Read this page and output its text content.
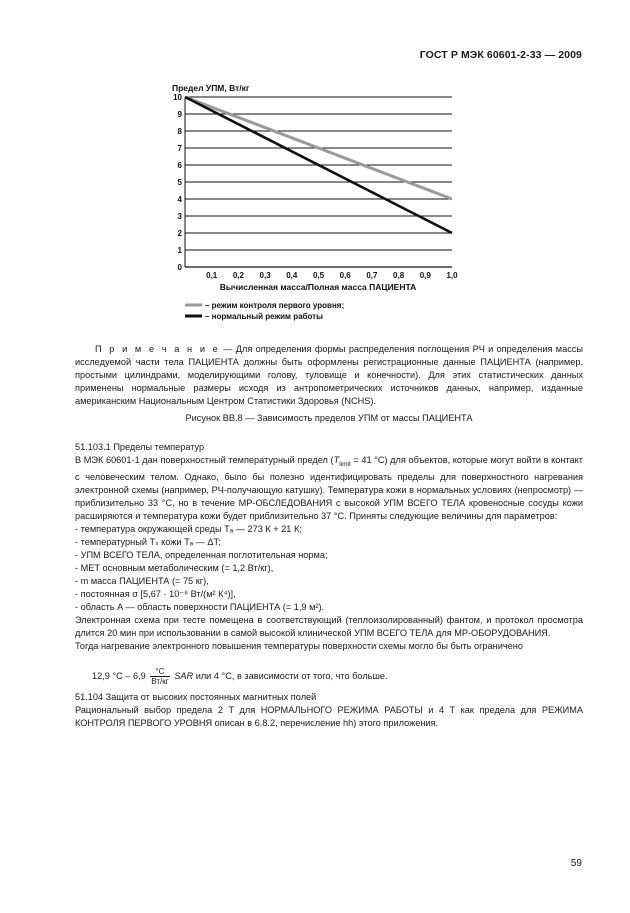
ГОСТ Р МЭК 60601-2-33 — 2009
Предел УПМ, Вт/кг
0
1
2
3
4
5
6
7
8
9
10
0,1 0,2 0,3 0,4 0,5 0,6 0,7 0,8 0,9 1,0
Вычисленная масса/Полная масса ПАЦИЕНТА
– режим контроля первого уровня;
– нормальный режим работы

П р и м е ч а н и е — Для определения формы распределения поглощения РЧ и определения массы исследуемой части тела ПАЦИЕНТА должны быть оформлены регистрационные данные ПАЦИЕНТА (например, простыми цилиндрами, моделирующими голову, туловище и конечности). Для этих статистических данных применены нормальные размеры исходя из антропометрических источников данных, например, изданные американским Национальным Центром Статистики Здоровья (NCHS).

Рисунок ВВ.8 — Зависимость пределов УПМ от массы ПАЦИЕНТА

51.103.1 Пределы температур

В МЭК 60601-1 дан поверхностный температурный предел ($T_{limit} = 41$ °С) для объектов, которые могут войти в контакт с человеческим телом. Однако, было бы полезно идентифицировать пределы для поверхностного нагревания электронной схемы (например, РЧ-получающую катушку). Температура кожи в нормальных условиях (непросмотр) — приблизительно 33 °С, но в течение МР-ОБСЛЕДОВАНИЯ с высокой УПМ ВСЕГО ТЕЛА кровеносные сосуды кожи расширяются и температура кожи будет приблизительно 37 °С. Приняты следующие величины для параметров:

- температура окружающей среды Tₐ — 273 К + 21 К;
- температурный Tₛ кожи Tₐ — ΔT;
- УПМ ВСЕГО ТЕЛА, определенная поглотительная норма;
- МЕТ основным метаболическим (= 1,2 Вт/кг),
- m масса ПАЦИЕНТА (= 75 кг),
- постоянная σ [5,67 · 10⁻⁸ Вт/(м² К⁴)],
- область A — область поверхности ПАЦИЕНТА (= 1,9 м²).

Электронная схема при тесте помещена в соответствующий (теплоизолированный) фантом, и протокол просмотра длится 20 мин при использовании в самой высокой клинической УПМ ВСЕГО ТЕЛА для МР-ОБОРУДОВАНИЯ.

Тогда нагревание электронного повышения температуры поверхности схемы могло бы быть ограничено

12,9 $^\circ С - 6,9 \frac{^\circ С}{Вт/кг}$ SAR или 4 °С, в зависимости от того, что больше.

51.104 Защита от высоких постоянных магнитных полей

Рациональный выбор предела 2 T для НОРМАЛЬНОГО РЕЖИМА РАБОТЫ и 4 T как предела для РЕЖИМА КОНТРОЛЯ ПЕРВОГО УРОВНЯ описан в 6.8.2, перечисление hh) этого приложения.

59
